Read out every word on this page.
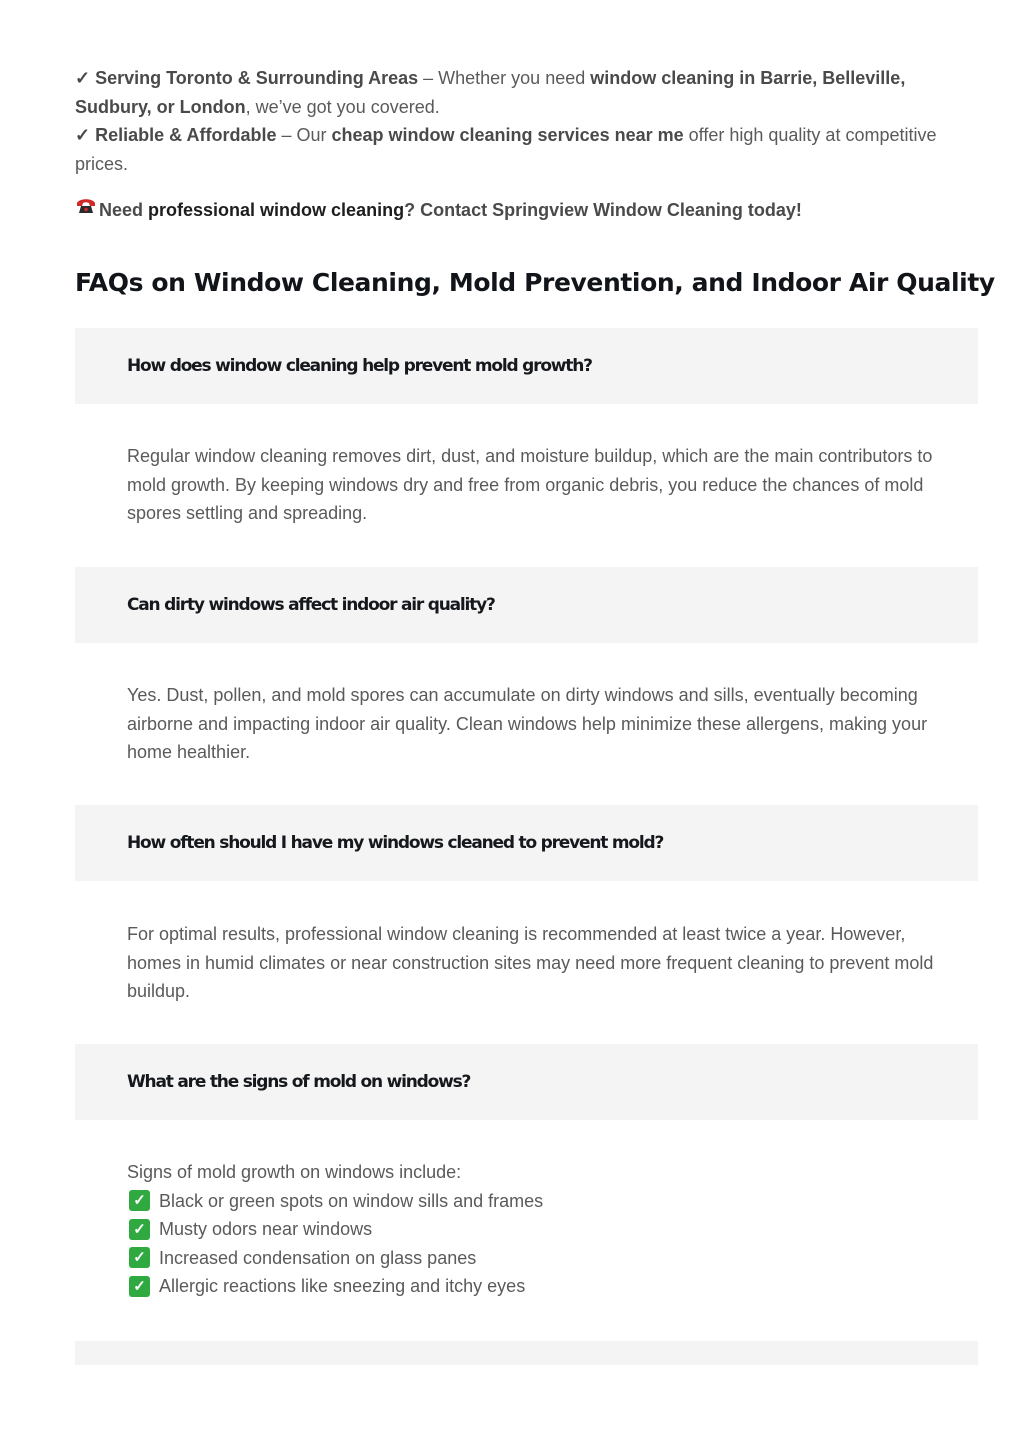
✓ Serving Toronto & Surrounding Areas – Whether you need window cleaning in Barrie, Belleville, Sudbury, or London, we’ve got you covered.

✓ Reliable & Affordable – Our cheap window cleaning services near me offer high quality at competitive prices.

Need professional window cleaning? Contact Springview Window Cleaning today!

FAQs on Window Cleaning, Mold Prevention, and Indoor Air Quality
How does window cleaning help prevent mold growth?

Regular window cleaning removes dirt, dust, and moisture buildup, which are the main contributors to mold growth. By keeping windows dry and free from organic debris, you reduce the chances of mold spores settling and spreading.

Can dirty windows affect indoor air quality?

Yes. Dust, pollen, and mold spores can accumulate on dirty windows and sills, eventually becoming airborne and impacting indoor air quality. Clean windows help minimize these allergens, making your home healthier.

How often should I have my windows cleaned to prevent mold?

For optimal results, professional window cleaning is recommended at least twice a year. However, homes in humid climates or near construction sites may need more frequent cleaning to prevent mold buildup.

What are the signs of mold on windows?
Signs of mold growth on windows include:
✓ Black or green spots on window sills and frames
✓ Musty odors near windows
✓ Increased condensation on glass panes
✓ Allergic reactions like sneezing and itchy eyes
